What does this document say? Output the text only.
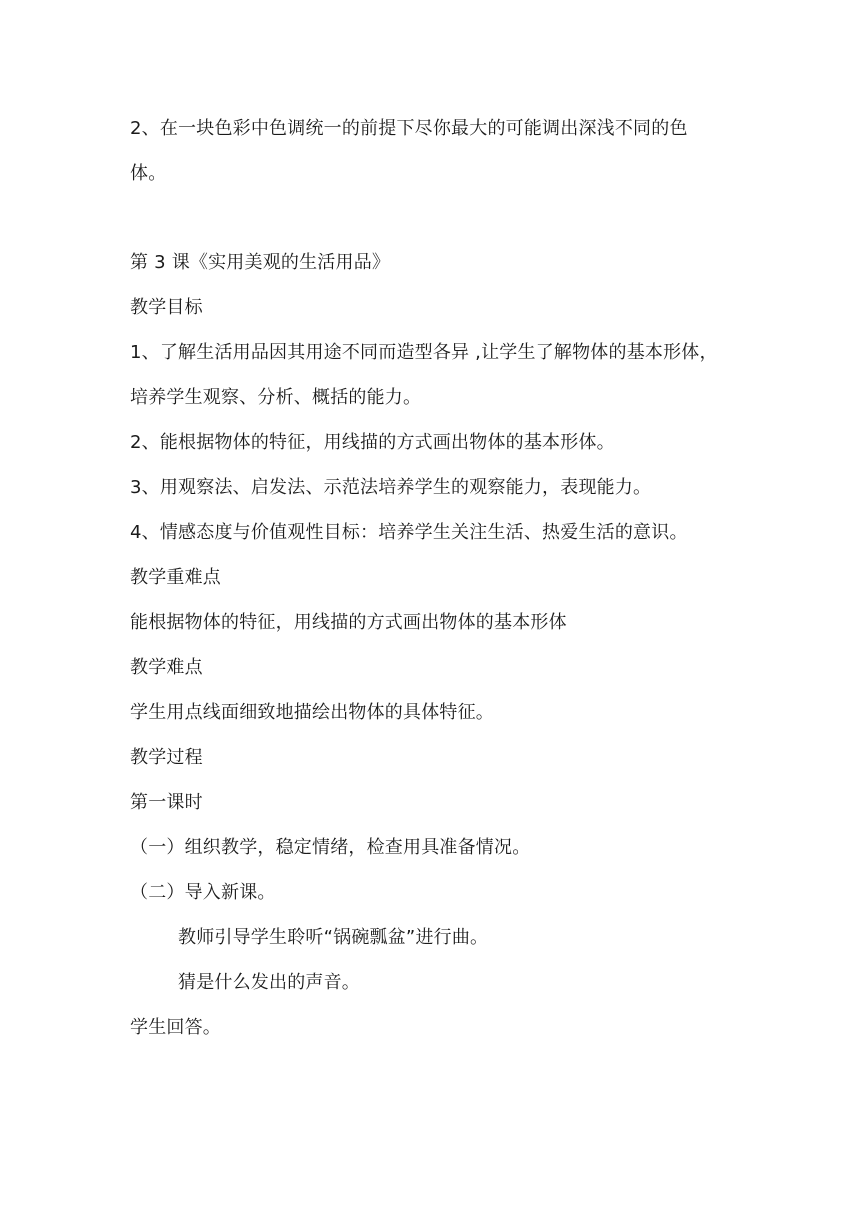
2、在一块色彩中色调统一的前提下尽你最大的可能调出深浅不同的色
体。
第 3 课《实用美观的生活用品》
教学目标
1、了解生活用品因其用途不同而造型各异 ,让学生了解物体的基本形体，
培养学生观察、分析、概括的能力。
2、能根据物体的特征，用线描的方式画出物体的基本形体。
3、用观察法、启发法、示范法培养学生的观察能力，表现能力。
4、情感态度与价值观性目标：培养学生关注生活、热爱生活的意识。
教学重难点
能根据物体的特征，用线描的方式画出物体的基本形体
教学难点
学生用点线面细致地描绘出物体的具体特征。
教学过程
第一课时
（一）组织教学，稳定情绪，检查用具准备情况。
（二）导入新课。
教师引导学生聆听“锅碗瓢盆”进行曲。
猜是什么发出的声音。
学生回答。
